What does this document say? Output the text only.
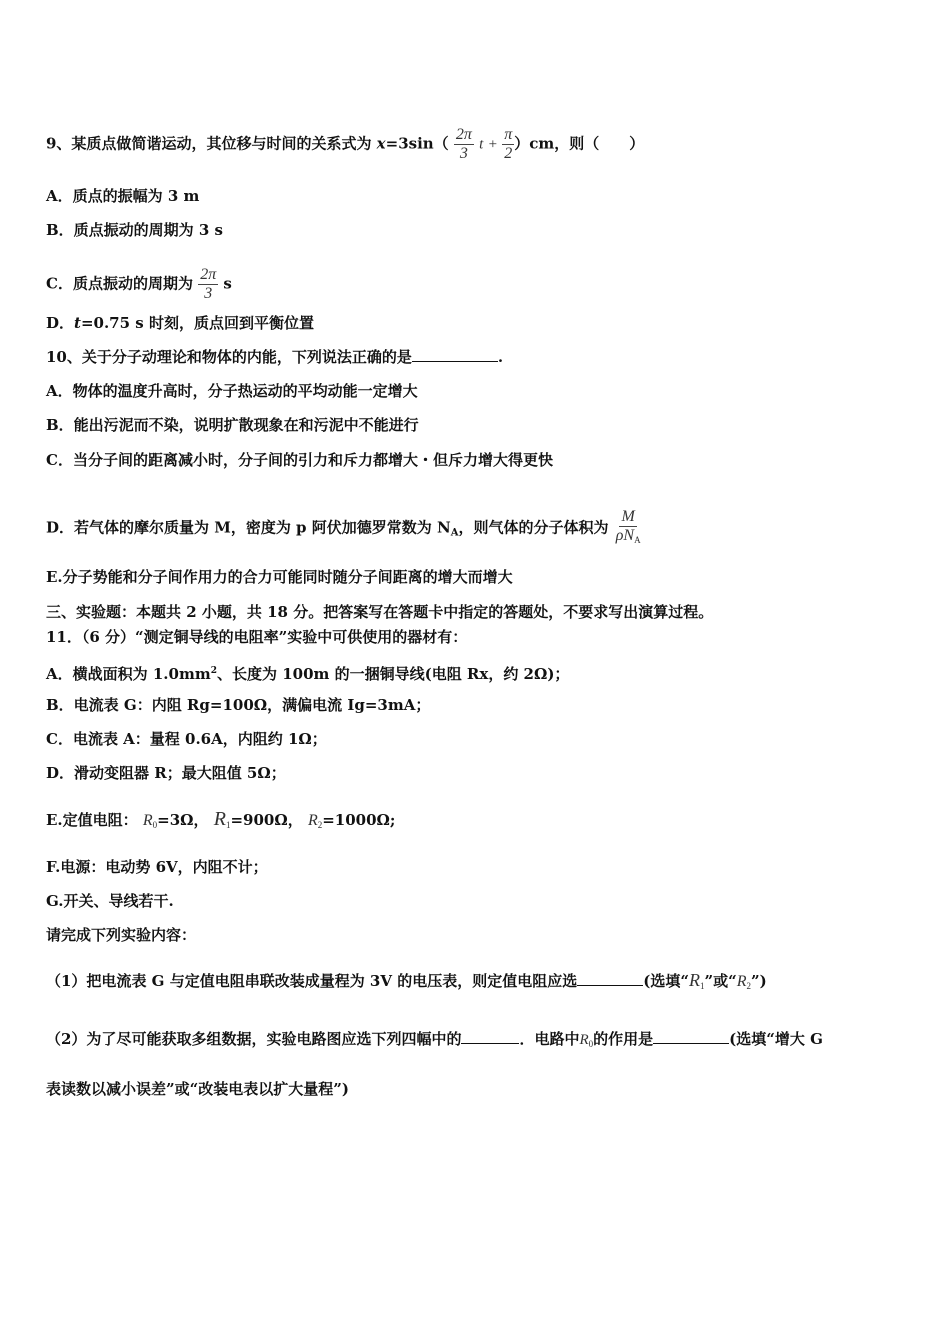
9、某质点做简谐运动，其位移与时间的关系式为 $x=3\sin( \frac{2\pi}{3}$ $t + \frac{\pi}{2} )cm$，则（　　）
A．质点的振幅为 3 m
B．质点振动的周期为 3 s
C．质点振动的周期为 $\frac{2\pi}{3}$ s
D．t=0.75 s 时刻，质点回到平衡位置
10、关于分子动理论和物体的内能，下列说法正确的是	.
A．物体的温度升高时，分子热运动的平均动能一定增大
B．能出污泥而不染，说明扩散现象在和污泥中不能进行
C．当分子间的距离减小时，分子间的引力和斥力都增大・但斥力增大得更快
D．若气体的摩尔质量为 M，密度为 p 阿伏加德罗常数为 $N_A$，则气体的分子体积为 $\frac{M}{\rho N_A}$
E.分子势能和分子间作用力的合力可能同时随分子间距离的增大而增大
三、实验题：本题共 2 小题，共 18 分。把答案写在答题卡中指定的答题处，不要求写出演算过程。
11．（6 分）“测定铜导线的电阻率”实验中可供使用的器材有：
A．横战面积为 $1.0mm^2$、长度为 100m 的一捆铜导线(电阻 Rx，约 2Ω)；
B．电流表 G：内阻 Rg=100Ω，满偏电流 Ig=3mA；
C．电流表 A：量程 0.6A，内阻约 1Ω；
D．滑动变阻器 R；最大阻值 5Ω；
E.定值电阻： $R_0=3\Omega$， $R_1=900\Omega$， $R_2=1000\Omega$;
F.电源：电动势 6V，内阻不计；
G.开关、导线若干.
请完成下列实验内容：
（1）把电流表 G 与定值电阻串联改装成量程为 3V 的电压表，则定值电阻应选	(选填“$R_1$”或“$R_2$”)
（2）为了尽可能获取多组数据，实验电路图应选下列四幅中的	．电路中$R_0$的作用是	(选填“增大 G
表读数以减小误差”或“改装电表以扩大量程”)
